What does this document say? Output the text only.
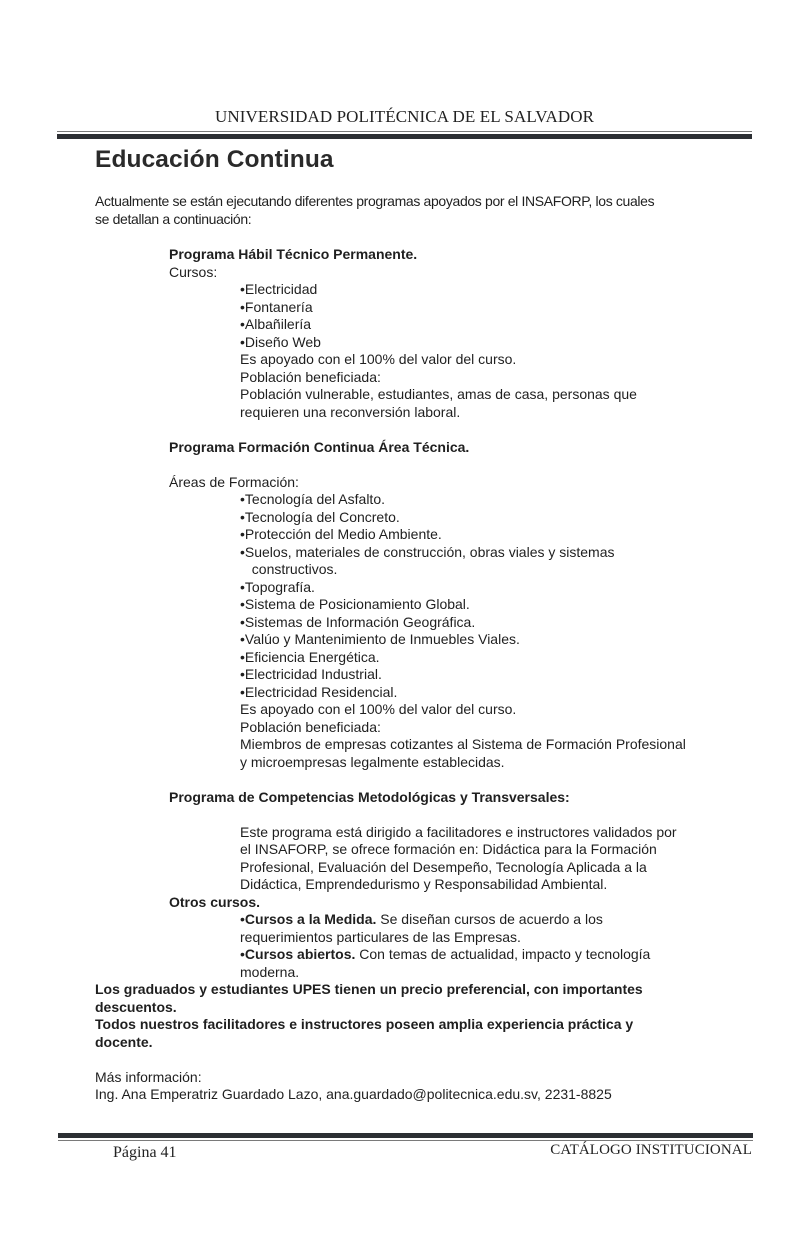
UNIVERSIDAD POLITÉCNICA DE EL SALVADOR
Educación Continua
Actualmente se están ejecutando diferentes programas apoyados por el INSAFORP, los cuales
se detallan a continuación:
Programa Hábil Técnico Permanente.
Cursos:
•Electricidad
•Fontanería
•Albañilería
•Diseño Web
Es apoyado con el 100% del valor del curso.
Población beneficiada:
Población vulnerable, estudiantes, amas de casa, personas que
requieren una reconversión laboral.
Programa Formación Continua Área Técnica.
Áreas de Formación:
•Tecnología del Asfalto.
•Tecnología del Concreto.
•Protección del Medio Ambiente.
•Suelos, materiales de construcción, obras viales y sistemas
constructivos.
•Topografía.
•Sistema de Posicionamiento Global.
•Sistemas de Información Geográfica.
•Valúo y Mantenimiento de Inmuebles Viales.
•Eficiencia Energética.
•Electricidad Industrial.
•Electricidad Residencial.
Es apoyado con el 100% del valor del curso.
Población beneficiada:
Miembros de empresas cotizantes al Sistema de Formación Profesional
y microempresas legalmente establecidas.
Programa de Competencias Metodológicas y Transversales:
Este programa está dirigido a facilitadores e instructores validados por
el INSAFORP, se ofrece formación en: Didáctica para la Formación
Profesional, Evaluación del Desempeño, Tecnología Aplicada a la
Didáctica, Emprendedurismo y Responsabilidad Ambiental.
Otros cursos.
•Cursos a la Medida. Se diseñan cursos de acuerdo a los
requerimientos particulares de las Empresas.
•Cursos abiertos. Con temas de actualidad, impacto y tecnología
moderna.
Los graduados y estudiantes UPES tienen un precio preferencial, con importantes
descuentos.
Todos nuestros facilitadores e instructores poseen amplia experiencia práctica y
docente.
Más información:
Ing. Ana Emperatriz Guardado Lazo, ana.guardado@politecnica.edu.sv, 2231-8825
Página 41	CATÁLOGO INSTITUCIONAL
